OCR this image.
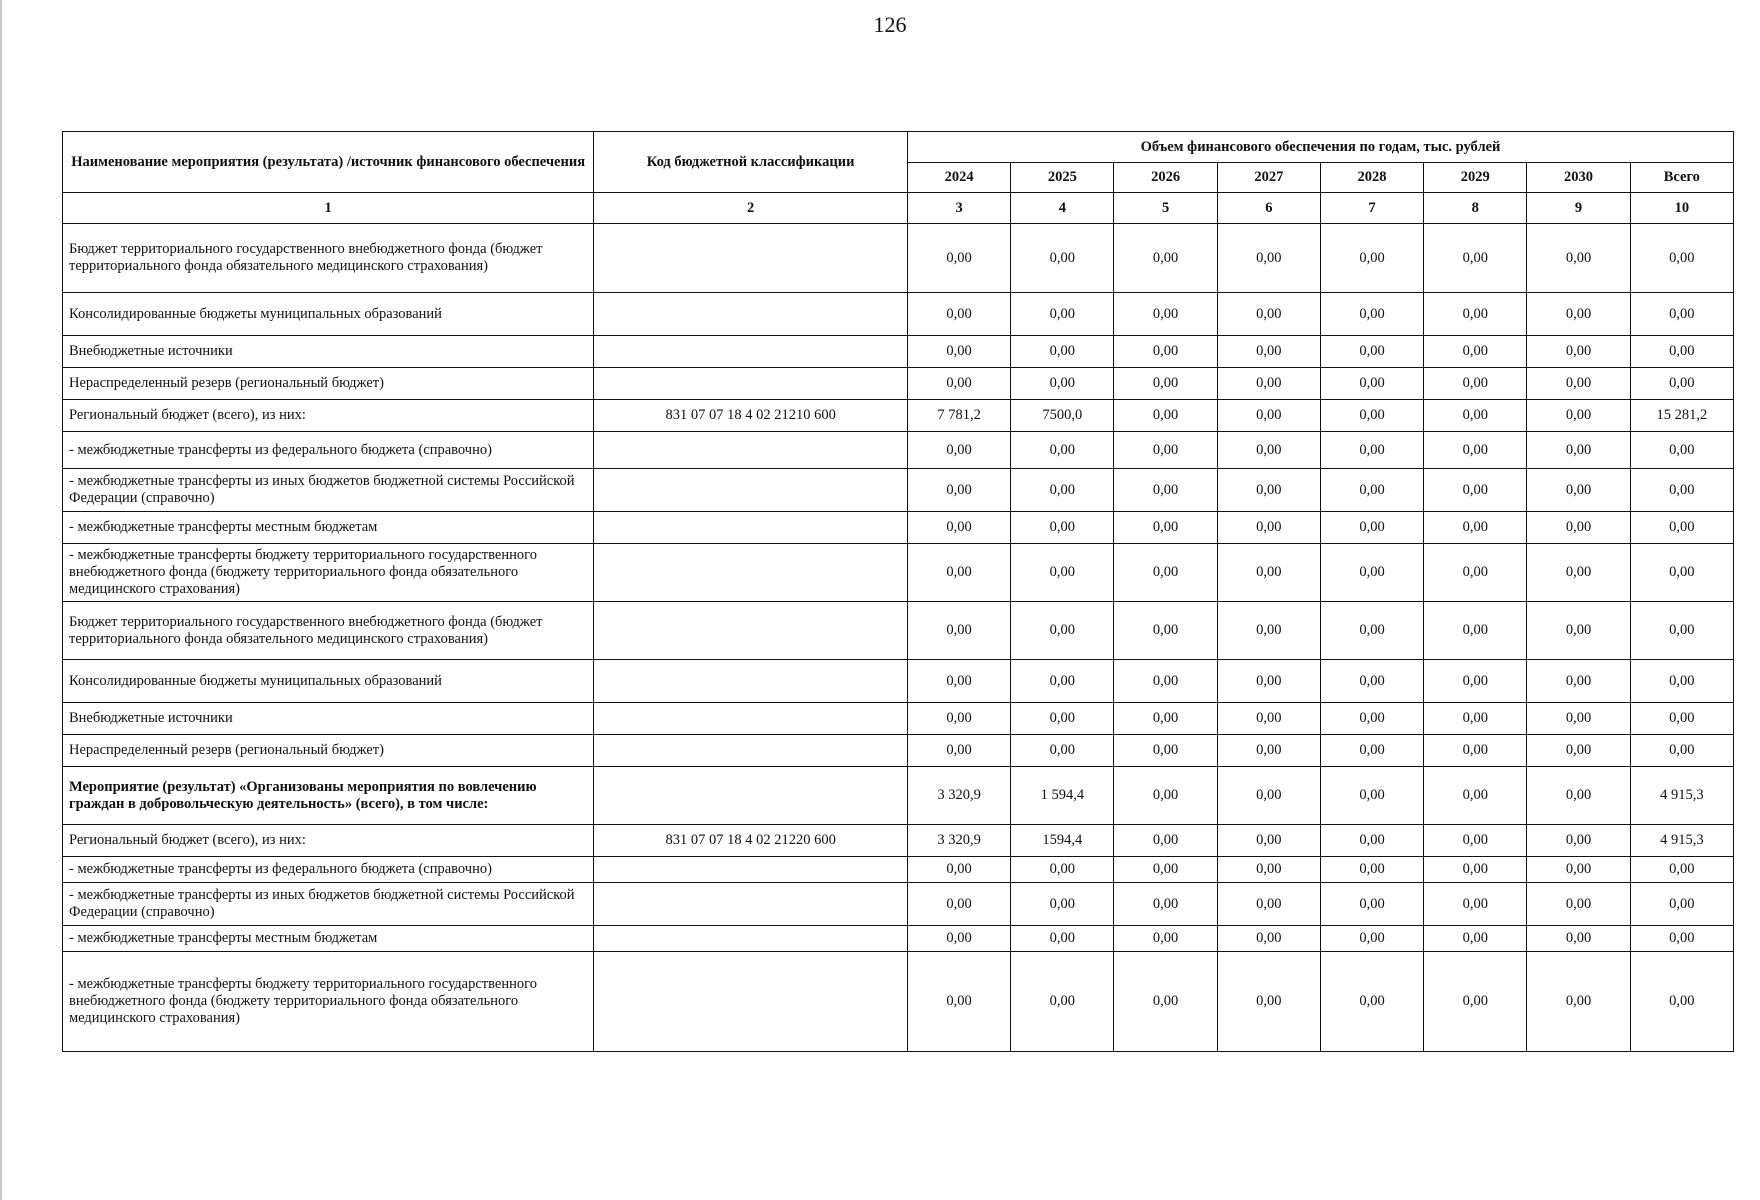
126
Наименование мероприятия (результата) /источник финансового обеспечения	Код бюджетной классификации	Объем финансового обеспечения по годам, тыс. рублей							
		2024	2025	2026	2027	2028	2029	2030	Всего
1	2	3	4	5	6	7	8	9	10
Бюджет территориального государственного внебюджетного фонда (бюджет территориального фонда обязательного медицинского страхования)		0,00	0,00	0,00	0,00	0,00	0,00	0,00	0,00
Консолидированные бюджеты муниципальных образований		0,00	0,00	0,00	0,00	0,00	0,00	0,00	0,00
Внебюджетные источники		0,00	0,00	0,00	0,00	0,00	0,00	0,00	0,00
Нераспределенный резерв (региональный бюджет)		0,00	0,00	0,00	0,00	0,00	0,00	0,00	0,00
Региональный бюджет (всего), из них:	831 07 07 18 4 02 21210 600	7 781,2	7500,0	0,00	0,00	0,00	0,00	0,00	15 281,2
- межбюджетные трансферты из федерального бюджета (справочно)		0,00	0,00	0,00	0,00	0,00	0,00	0,00	0,00
- межбюджетные трансферты из иных бюджетов бюджетной системы Российской Федерации (справочно)		0,00	0,00	0,00	0,00	0,00	0,00	0,00	0,00
- межбюджетные трансферты местным бюджетам		0,00	0,00	0,00	0,00	0,00	0,00	0,00	0,00
- межбюджетные трансферты бюджету территориального государственного внебюджетного фонда (бюджету территориального фонда обязательного медицинского страхования)		0,00	0,00	0,00	0,00	0,00	0,00	0,00	0,00
Бюджет территориального государственного внебюджетного фонда (бюджет территориального фонда обязательного медицинского страхования)		0,00	0,00	0,00	0,00	0,00	0,00	0,00	0,00
Консолидированные бюджеты муниципальных образований		0,00	0,00	0,00	0,00	0,00	0,00	0,00	0,00
Внебюджетные источники		0,00	0,00	0,00	0,00	0,00	0,00	0,00	0,00
Нераспределенный резерв (региональный бюджет)		0,00	0,00	0,00	0,00	0,00	0,00	0,00	0,00
Мероприятие (результат) «Организованы мероприятия по вовлечению граждан в добровольческую деятельность» (всего), в том числе:		3 320,9	1 594,4	0,00	0,00	0,00	0,00	0,00	4 915,3
Региональный бюджет (всего), из них:	831 07 07 18 4 02 21220 600	3 320,9	1594,4	0,00	0,00	0,00	0,00	0,00	4 915,3
- межбюджетные трансферты из федерального бюджета (справочно)		0,00	0,00	0,00	0,00	0,00	0,00	0,00	0,00
- межбюджетные трансферты из иных бюджетов бюджетной системы Российской Федерации (справочно)		0,00	0,00	0,00	0,00	0,00	0,00	0,00	0,00
- межбюджетные трансферты местным бюджетам		0,00	0,00	0,00	0,00	0,00	0,00	0,00	0,00
- межбюджетные трансферты бюджету территориального государственного внебюджетного фонда (бюджету территориального фонда обязательного медицинского страхования)		0,00	0,00	0,00	0,00	0,00	0,00	0,00	0,00
